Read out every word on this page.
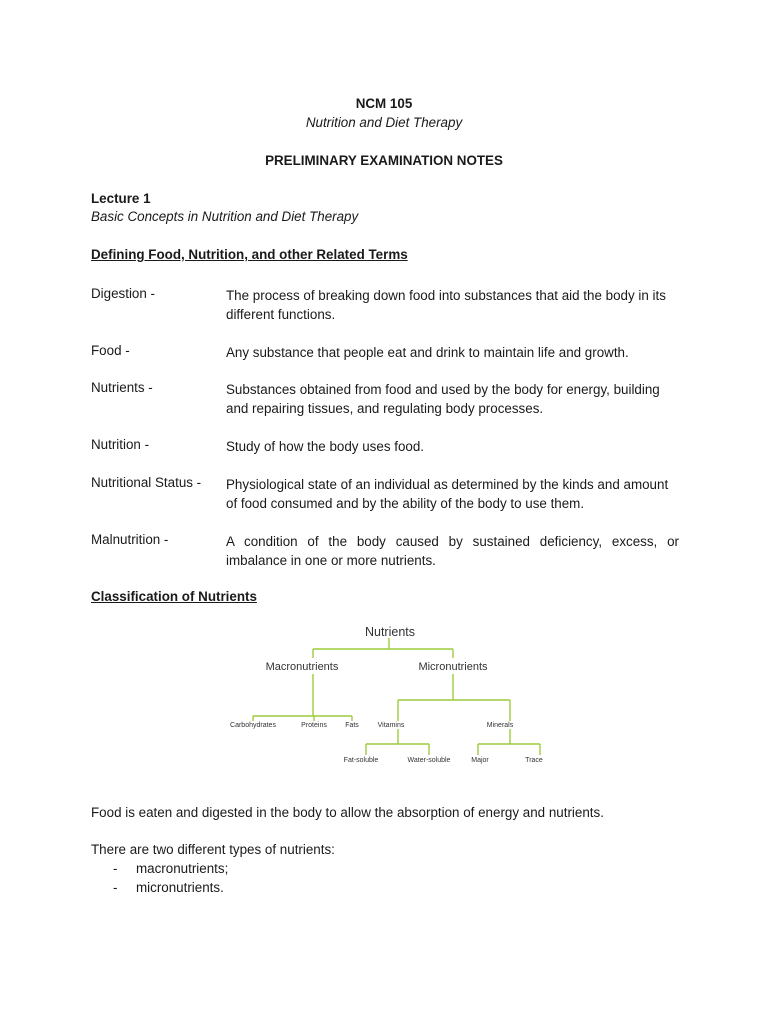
NCM 105
Nutrition and Diet Therapy
PRELIMINARY EXAMINATION NOTES
Lecture 1
Basic Concepts in Nutrition and Diet Therapy
Defining Food, Nutrition, and other Related Terms
Digestion -	The process of breaking down food into substances that aid the body in its different functions.
Food -	Any substance that people eat and drink to maintain life and growth.
Nutrients -	Substances obtained from food and used by the body for energy, building and repairing tissues, and regulating body processes.
Nutrition -	Study of how the body uses food.
Nutritional Status -	Physiological state of an individual as determined by the kinds and amount of food consumed and by the ability of the body to use them.
Malnutrition -	A condition of the body caused by sustained deficiency, excess, or imbalance in one or more nutrients.
Classification of Nutrients
Nutrients
Macronutrients	Micronutrients
Carbohydrates	Proteins	Fats	Vitamins	Minerals
Fat-soluble	Water-soluble	Major	Trace
Food is eaten and digested in the body to allow the absorption of energy and nutrients.
There are two different types of nutrients:
- macronutrients;
- micronutrients.
